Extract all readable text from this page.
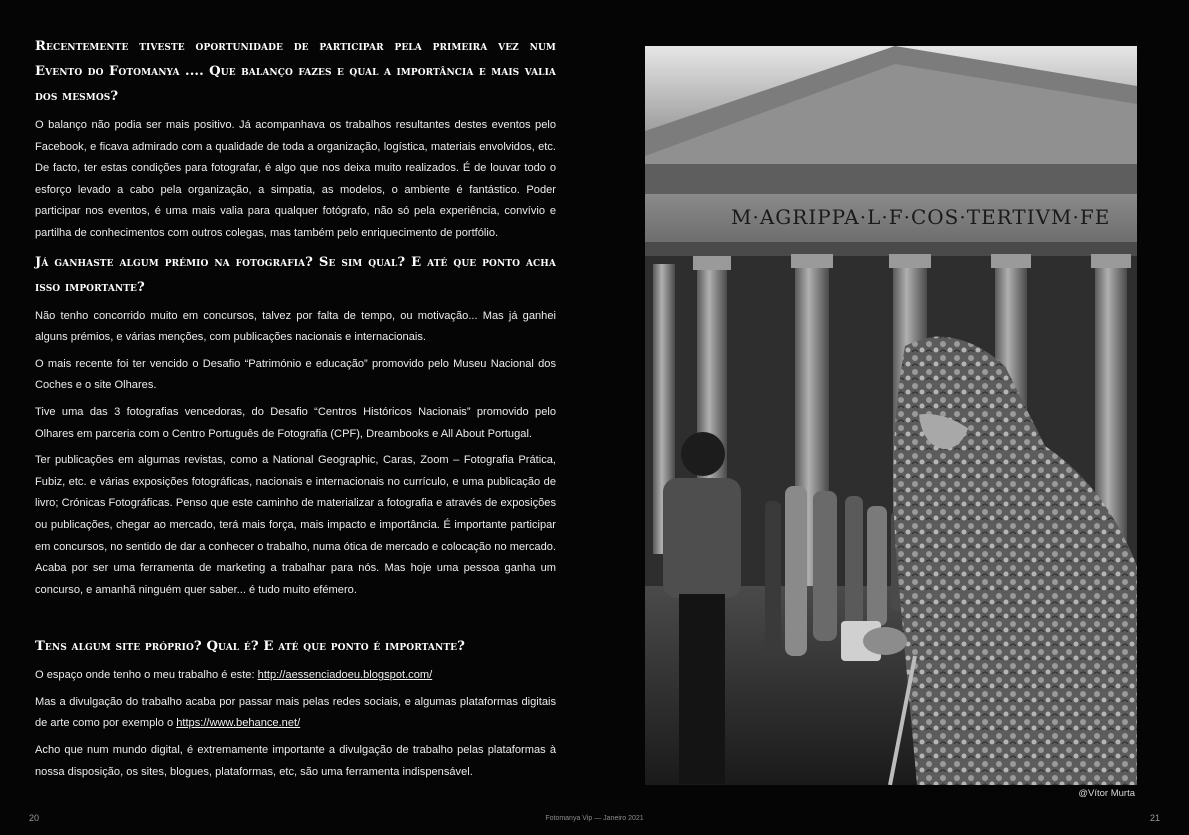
Recentemente tiveste oportunidade de participar pela primeira vez num Evento do Fotomanya .... Que balanço fazes e qual a importância e mais valia dos mesmos?

O balanço não podia ser mais positivo. Já acompanhava os trabalhos resultantes destes eventos pelo Facebook, e ficava admirado com a qualidade de toda a organização, logística, materiais envolvidos, etc. De facto, ter estas condições para fotografar, é algo que nos deixa muito realizados. É de louvar todo o esforço levado a cabo pela organização, a simpatia, as modelos, o ambiente é fantástico. Poder participar nos eventos, é uma mais valia para qualquer fotógrafo, não só pela experiência, convívio e partilha de conhecimentos com outros colegas, mas também pelo enriquecimento de portfólio.

Já ganhaste algum prémio na fotografia? Se sim qual? E até que ponto acha isso importante?

Não tenho concorrido muito em concursos, talvez por falta de tempo, ou motivação... Mas já ganhei alguns prémios, e várias menções, com publicações nacionais e internacionais.

O mais recente foi ter vencido o Desafio “Património e educação” promovido pelo Museu Nacional dos Coches e o site Olhares.

Tive uma das 3 fotografias vencedoras, do Desafio “Centros Históricos Nacionais” promovido pelo Olhares em parceria com o Centro Português de Fotografia (CPF), Dreambooks e All About Portugal.

Ter publicações em algumas revistas, como a National Geographic, Caras, Zoom – Fotografia Prática, Fubiz, etc. e várias exposições fotográficas, nacionais e internacionais no currículo, e uma publicação de livro; Crónicas Fotográficas. Penso que este caminho de materializar a fotografia e através de exposições ou publicações, chegar ao mercado, terá mais força, mais impacto e importância. É importante participar em concursos, no sentido de dar a conhecer o trabalho, numa ótica de mercado e colocação no mercado. Acaba por ser uma ferramenta de marketing a trabalhar para nós. Mas hoje uma pessoa ganha um concurso, e amanhã ninguém quer saber... é tudo muito efémero.

Tens algum site próprio? Qual é? E até que ponto é importante?

O espaço onde tenho o meu trabalho é este: http://aessenciadoeu.blogspot.com/

Mas a divulgação do trabalho acaba por passar mais pelas redes sociais, e algumas plataformas digitais de arte como por exemplo o https://www.behance.net/

Acho que num mundo digital, é extremamente importante a divulgação de trabalho pelas plataformas à nossa disposição, os sites, blogues, plataformas, etc, são uma ferramenta indispensável.

M·AGRIPPA·L·F·COS·TERTIVM·FE
@Vítor Murta
20	Fotomanya Vip — Janeiro 2021	21
